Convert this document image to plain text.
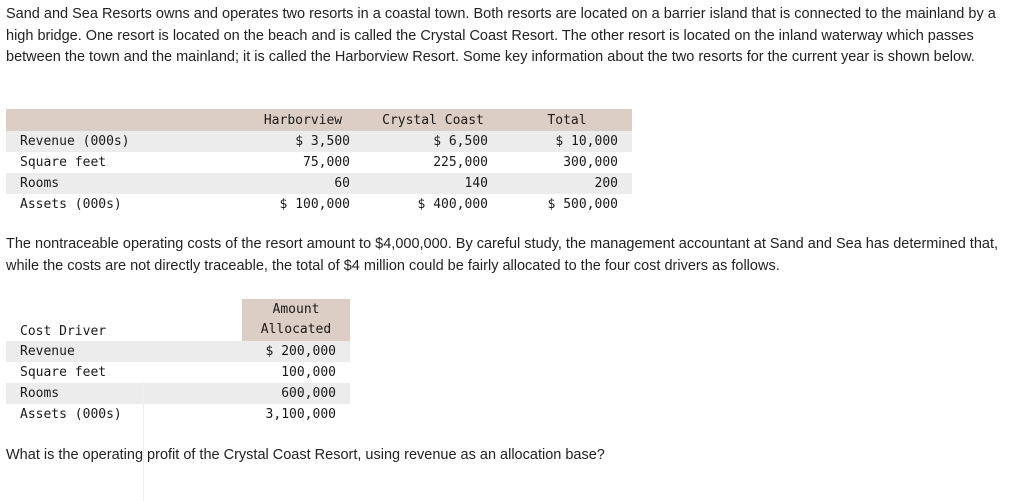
Sand and Sea Resorts owns and operates two resorts in a coastal town. Both resorts are located on a barrier island that is connected to the mainland by a high bridge. One resort is located on the beach and is called the Crystal Coast Resort. The other resort is located on the inland waterway which passes between the town and the mainland; it is called the Harborview Resort. Some key information about the two resorts for the current year is shown below.

	Harborview	Crystal Coast	Total
Revenue (000s)	$ 3,500	$ 6,500	$ 10,000
Square feet	75,000	225,000	300,000
Rooms	60	140	200
Assets (000s)	$ 100,000	$ 400,000	$ 500,000

The nontraceable operating costs of the resort amount to $4,000,000. By careful study, the management accountant at Sand and Sea has determined that, while the costs are not directly traceable, the total of $4 million could be fairly allocated to the four cost drivers as follows.

Cost Driver	Amount
Allocated

Revenue	$ 200,000
Square feet	100,000
Rooms	600,000
Assets (000s)	3,100,000

What is the operating profit of the Crystal Coast Resort, using revenue as an allocation base?
